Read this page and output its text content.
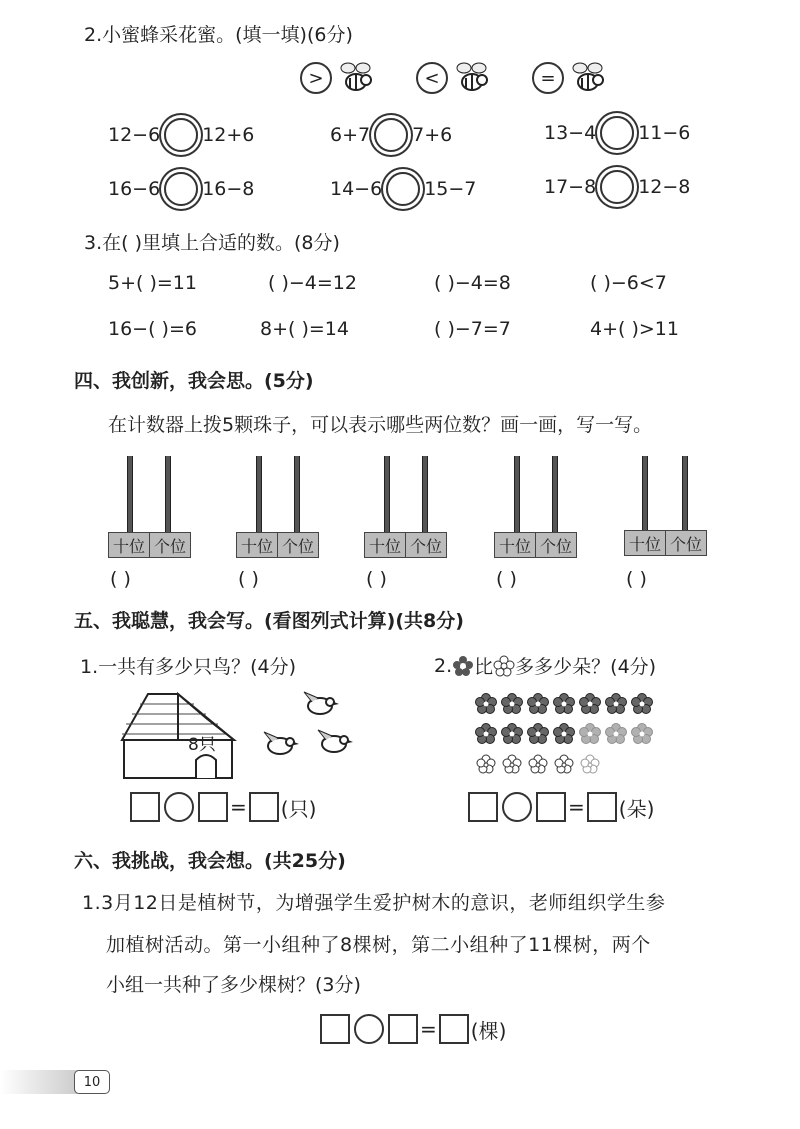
2.小蜜蜂采花蜜。(填一填)(6分)
>	<	=
12−6 12+6	6+7 7+6	13−4 11−6
16−6 16−8	14−6 15−7	17−8 12−8
3.在( )里填上合适的数。(8分)
5+( )=11	( )−4=12	( )−4=8	( )−6<7
16−( )=6	8+( )=14	( )−7=7	4+( )>11
四、我创新，我会思。(5分)
在计数器上拨5颗珠子，可以表示哪些两位数？画一画，写一写。
十位 个位
( )
十位 个位
( )
十位 个位
( )
十位 个位
( )
十位 个位
( )
五、我聪慧，我会写。(看图列式计算)(共8分)
1.一共有多少只鸟？(4分)
8只
= (只)
2. 比 多多少朵？(4分)
= (朵)
六、我挑战，我会想。(共25分)
1.3月12日是植树节，为增强学生爱护树木的意识，老师组织学生参
加植树活动。第一小组种了8棵树，第二小组种了11棵树，两个
小组一共种了多少棵树？(3分)
= (棵)
10
